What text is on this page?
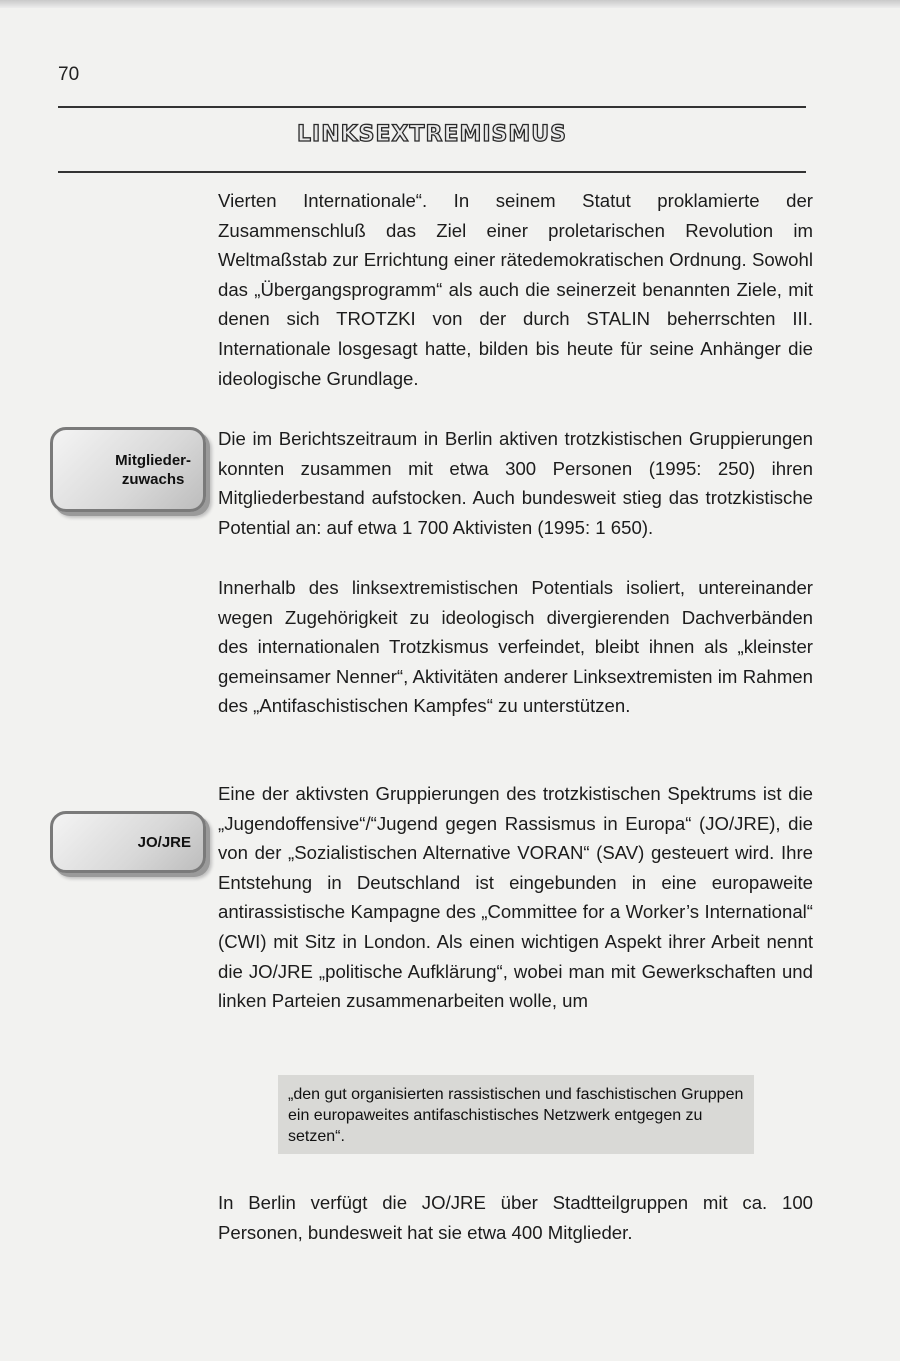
70
LINKSEXTREMISMUS

Vierten Internationale“. In seinem Statut proklamierte der Zusammenschluß das Ziel einer proletarischen Revolution im Weltmaßstab zur Errichtung einer rätedemokratischen Ordnung. Sowohl das „Übergangsprogramm“ als auch die seinerzeit benannten Ziele, mit denen sich TROTZKI von der durch STALIN beherrschten III. Internationale losgesagt hatte, bilden bis heute für seine Anhänger die ideologische Grundlage.

Mitglieder-
zuwachs

Die im Berichtszeitraum in Berlin aktiven trotzkistischen Gruppierungen konnten zusammen mit etwa 300 Personen (1995: 250) ihren Mitgliederbestand aufstocken. Auch bundesweit stieg das trotzkistische Potential an: auf etwa 1 700 Aktivisten (1995: 1 650).

Innerhalb des linksextremistischen Potentials isoliert, untereinander wegen Zugehörigkeit zu ideologisch divergierenden Dachverbänden des internationalen Trotzkismus verfeindet, bleibt ihnen als „kleinster gemeinsamer Nenner“, Aktivitäten anderer Linksextremisten im Rahmen des „Antifaschistischen Kampfes“ zu unterstützen.

JO/JRE

Eine der aktivsten Gruppierungen des trotzkistischen Spektrums ist die „Jugendoffensive“/“Jugend gegen Rassismus in Europa“ (JO/JRE), die von der „Sozialistischen Alternative VORAN“ (SAV) gesteuert wird. Ihre Entstehung in Deutschland ist eingebunden in eine europaweite antirassistische Kampagne des „Committee for a Worker’s International“ (CWI) mit Sitz in London. Als einen wichtigen Aspekt ihrer Arbeit nennt die JO/JRE „politische Aufklärung“, wobei man mit Gewerkschaften und linken Parteien zusammenarbeiten wolle, um

„den gut organisierten rassistischen und faschistischen Gruppen ein europaweites antifaschistisches Netzwerk entgegen zu setzen“.

In Berlin verfügt die JO/JRE über Stadtteilgruppen mit ca. 100 Personen, bundesweit hat sie etwa 400 Mitglieder.
